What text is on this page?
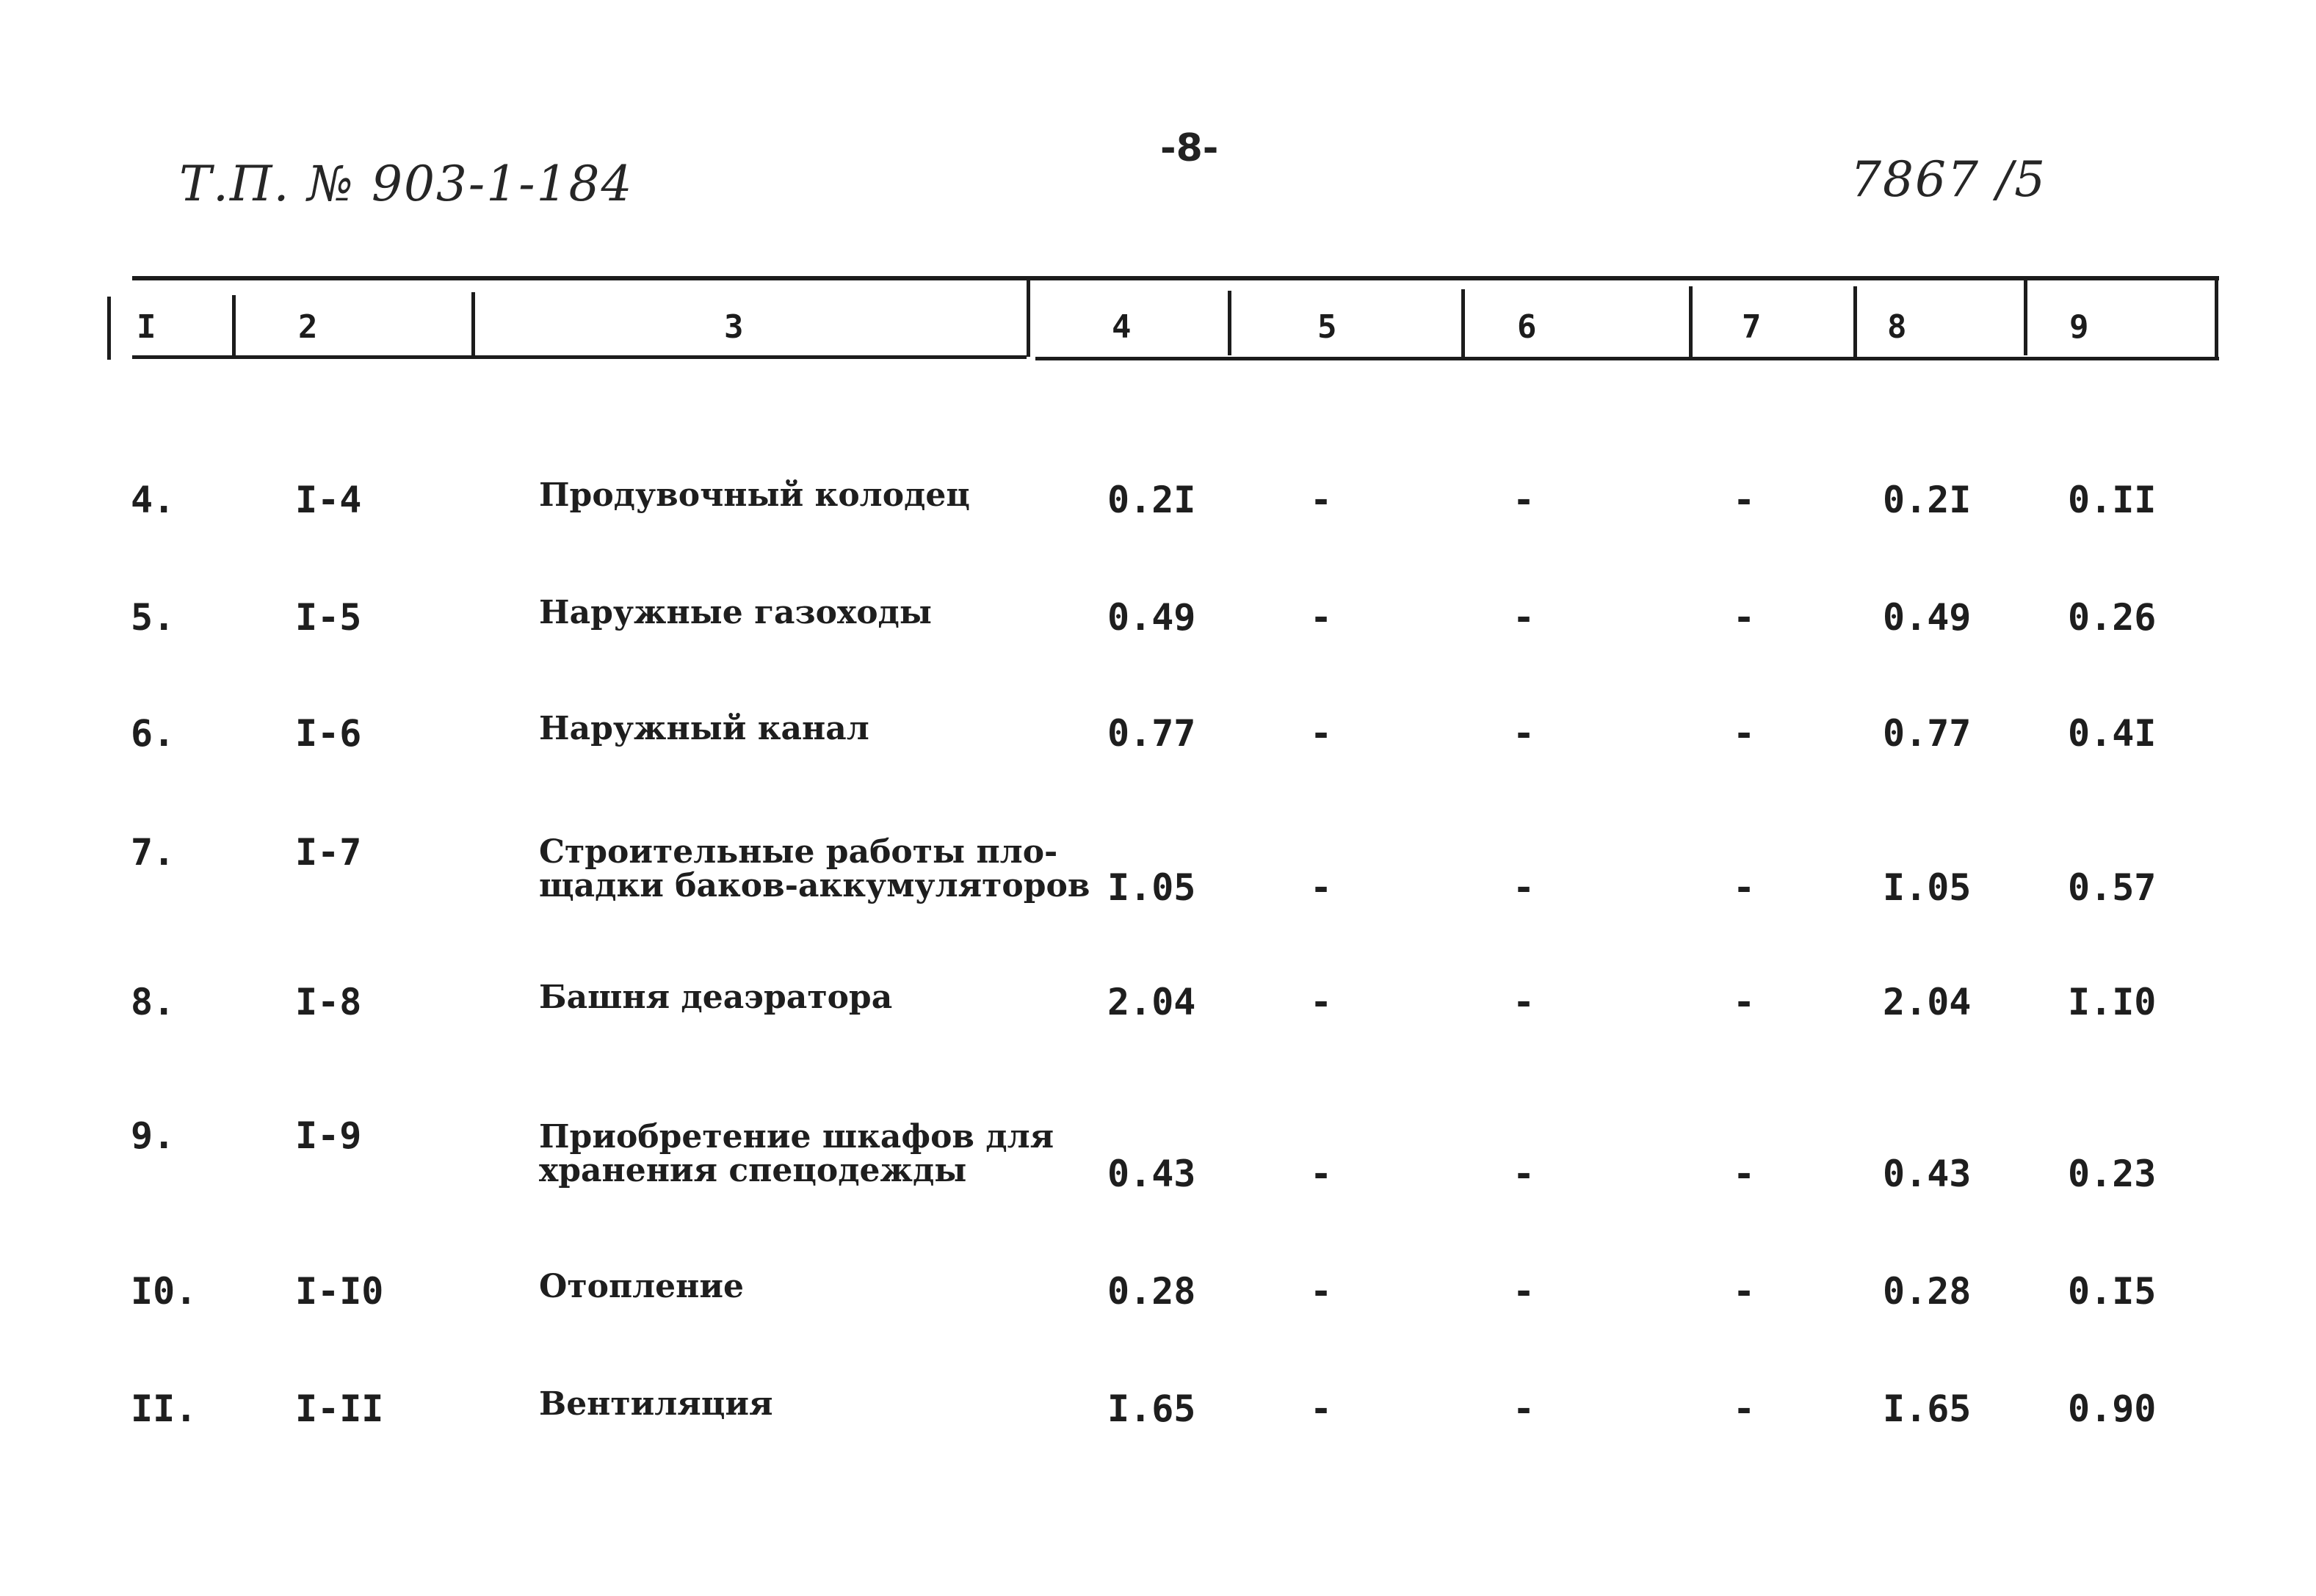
Т.П. № 903-1-184
-8-
7867 /5
I	2	3	4	5	6	7	8	9
4.	I-4	Продувочный колодец	0.2I	-	-	-	0.2I	0.II
5.	I-5	Наружные газоходы	0.49	-	-	-	0.49	0.26
6.	I-6	Наружный канал	0.77	-	-	-	0.77	0.4I
7.	I-7	Строительные работы пло-
щадки баков-аккумуляторов I.05	-	-	-	I.05	0.57
8.	I-8	Башня деаэратора	2.04	-	-	-	2.04	I.I0
9.	I-9	Приобретение шкафов для
хранения спецодежды	0.43	-	-	-	0.43	0.23
I0.	I-I0	Отопление	0.28	-	-	-	0.28	0.I5
II.	I-II	Вентиляция	I.65	-	-	-	I.65	0.90
